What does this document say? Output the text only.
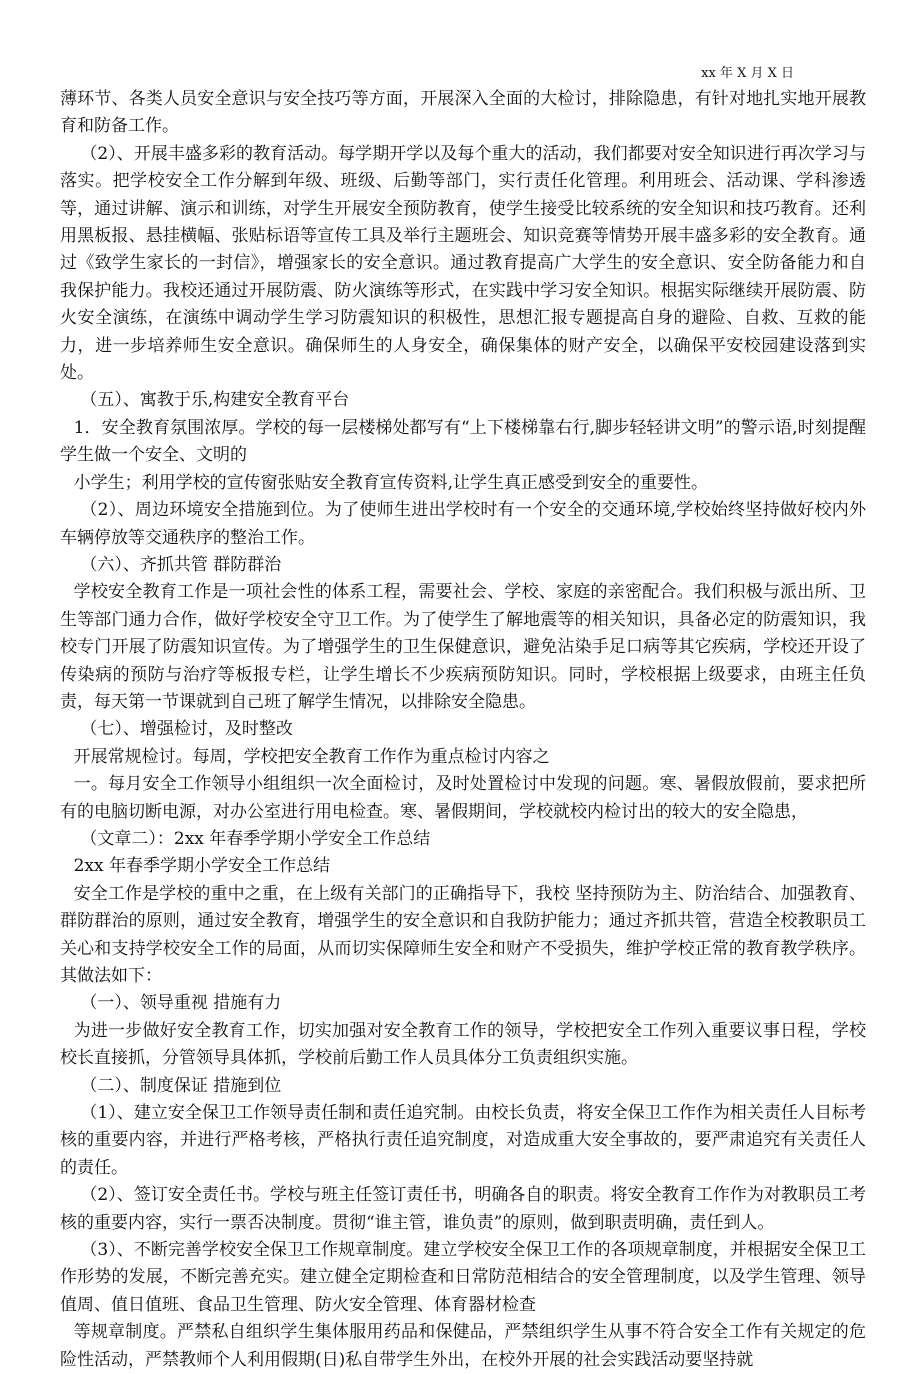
xx 年 X 月 X 日

薄环节、各类人员安全意识与安全技巧等方面，开展深入全面的大检讨，排除隐患，有针对地扎实地开展教育和防备工作。

（2）、开展丰盛多彩的教育活动。每学期开学以及每个重大的活动，我们都要对安全知识进行再次学习与落实。把学校安全工作分解到年级、班级、后勤等部门，实行责任化管理。利用班会、活动课、学科渗透等，通过讲解、演示和训练，对学生开展安全预防教育，使学生接受比较系统的安全知识和技巧教育。还利用黑板报、悬挂横幅、张贴标语等宣传工具及举行主题班会、知识竞赛等情势开展丰盛多彩的安全教育。通过《致学生家长的一封信》，增强家长的安全意识。通过教育提高广大学生的安全意识、安全防备能力和自我保护能力。我校还通过开展防震、防火演练等形式，在实践中学习安全知识。根据实际继续开展防震、防火安全演练，在演练中调动学生学习防震知识的积极性，思想汇报专题提高自身的避险、自救、互救的能力，进一步培养师生安全意识。确保师生的人身安全，确保集体的财产安全，以确保平安校园建设落到实处。

（五）、寓教于乐,构建安全教育平台

1．安全教育氛围浓厚。学校的每一层楼梯处都写有“上下楼梯靠右行,脚步轻轻讲文明”的警示语,时刻提醒学生做一个安全、文明的

小学生；利用学校的宣传窗张贴安全教育宣传资料,让学生真正感受到安全的重要性。

（2）、周边环境安全措施到位。为了使师生进出学校时有一个安全的交通环境,学校始终坚持做好校内外车辆停放等交通秩序的整治工作。

（六）、齐抓共管 群防群治

学校安全教育工作是一项社会性的体系工程，需要社会、学校、家庭的亲密配合。我们积极与派出所、卫生等部门通力合作，做好学校安全守卫工作。为了使学生了解地震等的相关知识，具备必定的防震知识，我校专门开展了防震知识宣传。为了增强学生的卫生保健意识，避免沾染手足口病等其它疾病，学校还开设了传染病的预防与治疗等板报专栏，让学生增长不少疾病预防知识。同时，学校根据上级要求，由班主任负责，每天第一节课就到自己班了解学生情况，以排除安全隐患。

（七）、增强检讨，及时整改

开展常规检讨。每周，学校把安全教育工作作为重点检讨内容之

一。每月安全工作领导小组组织一次全面检讨，及时处置检讨中发现的问题。寒、暑假放假前，要求把所有的电脑切断电源，对办公室进行用电检查。寒、暑假期间，学校就校内检讨出的较大的安全隐患，

（文章二）：2xx 年春季学期小学安全工作总结

2xx 年春季学期小学安全工作总结

安全工作是学校的重中之重，在上级有关部门的正确指导下，我校 坚持预防为主、防治结合、加强教育、群防群治的原则，通过安全教育，增强学生的安全意识和自我防护能力；通过齐抓共管，营造全校教职员工关心和支持学校安全工作的局面，从而切实保障师生安全和财产不受损失，维护学校正常的教育教学秩序。其做法如下：

（一）、领导重视 措施有力

为进一步做好安全教育工作，切实加强对安全教育工作的领导，学校把安全工作列入重要议事日程，学校校长直接抓，分管领导具体抓，学校前后勤工作人员具体分工负责组织实施。

（二）、制度保证 措施到位

（1）、建立安全保卫工作领导责任制和责任追究制。由校长负责，将安全保卫工作作为相关责任人目标考核的重要内容，并进行严格考核，严格执行责任追究制度，对造成重大安全事故的，要严肃追究有关责任人的责任。

（2）、签订安全责任书。学校与班主任签订责任书，明确各自的职责。将安全教育工作作为对教职员工考核的重要内容，实行一票否决制度。贯彻“谁主管，谁负责”的原则，做到职责明确，责任到人。

（3）、不断完善学校安全保卫工作规章制度。建立学校安全保卫工作的各项规章制度，并根据安全保卫工作形势的发展，不断完善充实。建立健全定期检查和日常防范相结合的安全管理制度，以及学生管理、领导值周、值日值班、食品卫生管理、防火安全管理、体育器材检查

等规章制度。严禁私自组织学生集体服用药品和保健品，严禁组织学生从事不符合安全工作有关规定的危险性活动，严禁教师个人利用假期(日)私自带学生外出，在校外开展的社会实践活动要坚持就
